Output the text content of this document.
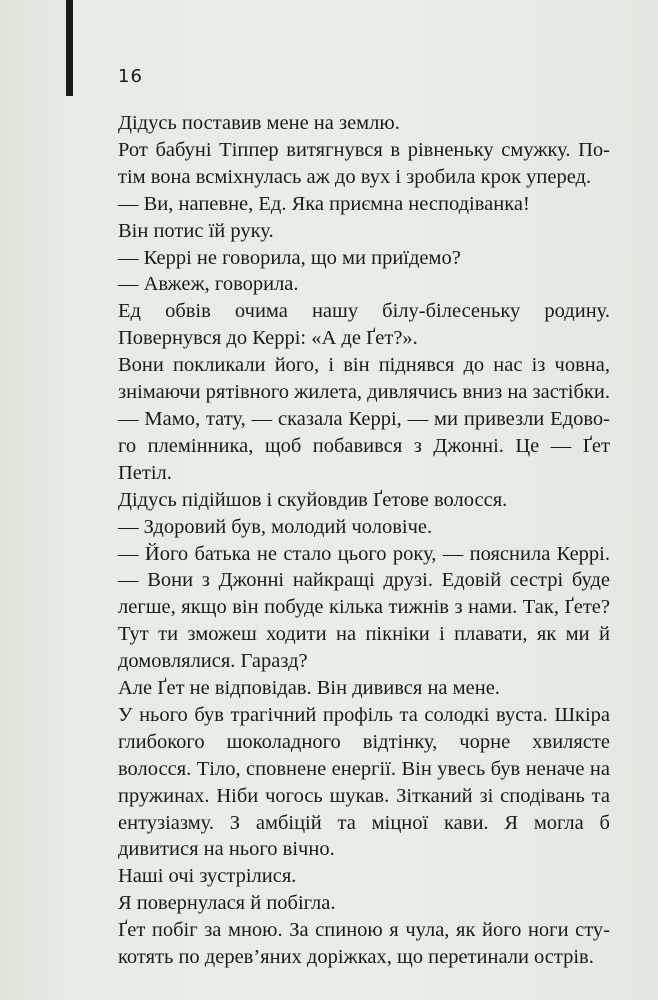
16

Дідусь поставив мене на землю.

Рот бабуні Тіппер витягнувся в рівненьку смужку. Потім вона всміхнулась аж до вух і зробила крок уперед.

— Ви, напевне, Ед. Яка приємна несподіванка!

Він потис їй руку.

— Керрі не говорила, що ми приїдемо?

— Авжеж, говорила.

Ед обвів очима нашу білу-білесеньку родину. Повернувся до Керрі: «А де Ґет?».

Вони покликали його, і він піднявся до нас із човна, знімаючи рятівного жилета, дивлячись вниз на застібки.

— Мамо, тату, — сказала Керрі, — ми привезли Едового племінника, щоб побавився з Джонні. Це — Ґет Петіл.

Дідусь підійшов і скуйовдив Ґетове волосся.

— Здоровий був, молодий чоловіче.

— Його батька не стало цього року, — пояснила Керрі. — Вони з Джонні найкращі друзі. Едовій сестрі буде легше, якщо він побуде кілька тижнів з нами. Так, Ґете? Тут ти зможеш ходити на пікніки і плавати, як ми й домовлялися. Гаразд?

Але Ґет не відповідав. Він дивився на мене.

У нього був трагічний профіль та солодкі вуста. Шкіра глибокого шоколадного відтінку, чорне хвилясте волосся. Тіло, сповнене енергії. Він увесь був неначе на пружинах. Ніби чогось шукав. Зітканий зі сподівань та ентузіазму. З амбіцій та міцної кави. Я могла б дивитися на нього вічно.

Наші очі зустрілися.

Я повернулася й побігла.

Ґет побіг за мною. За спиною я чула, як його ноги стукотять по дерев’яних доріжках, що перетинали острів.
